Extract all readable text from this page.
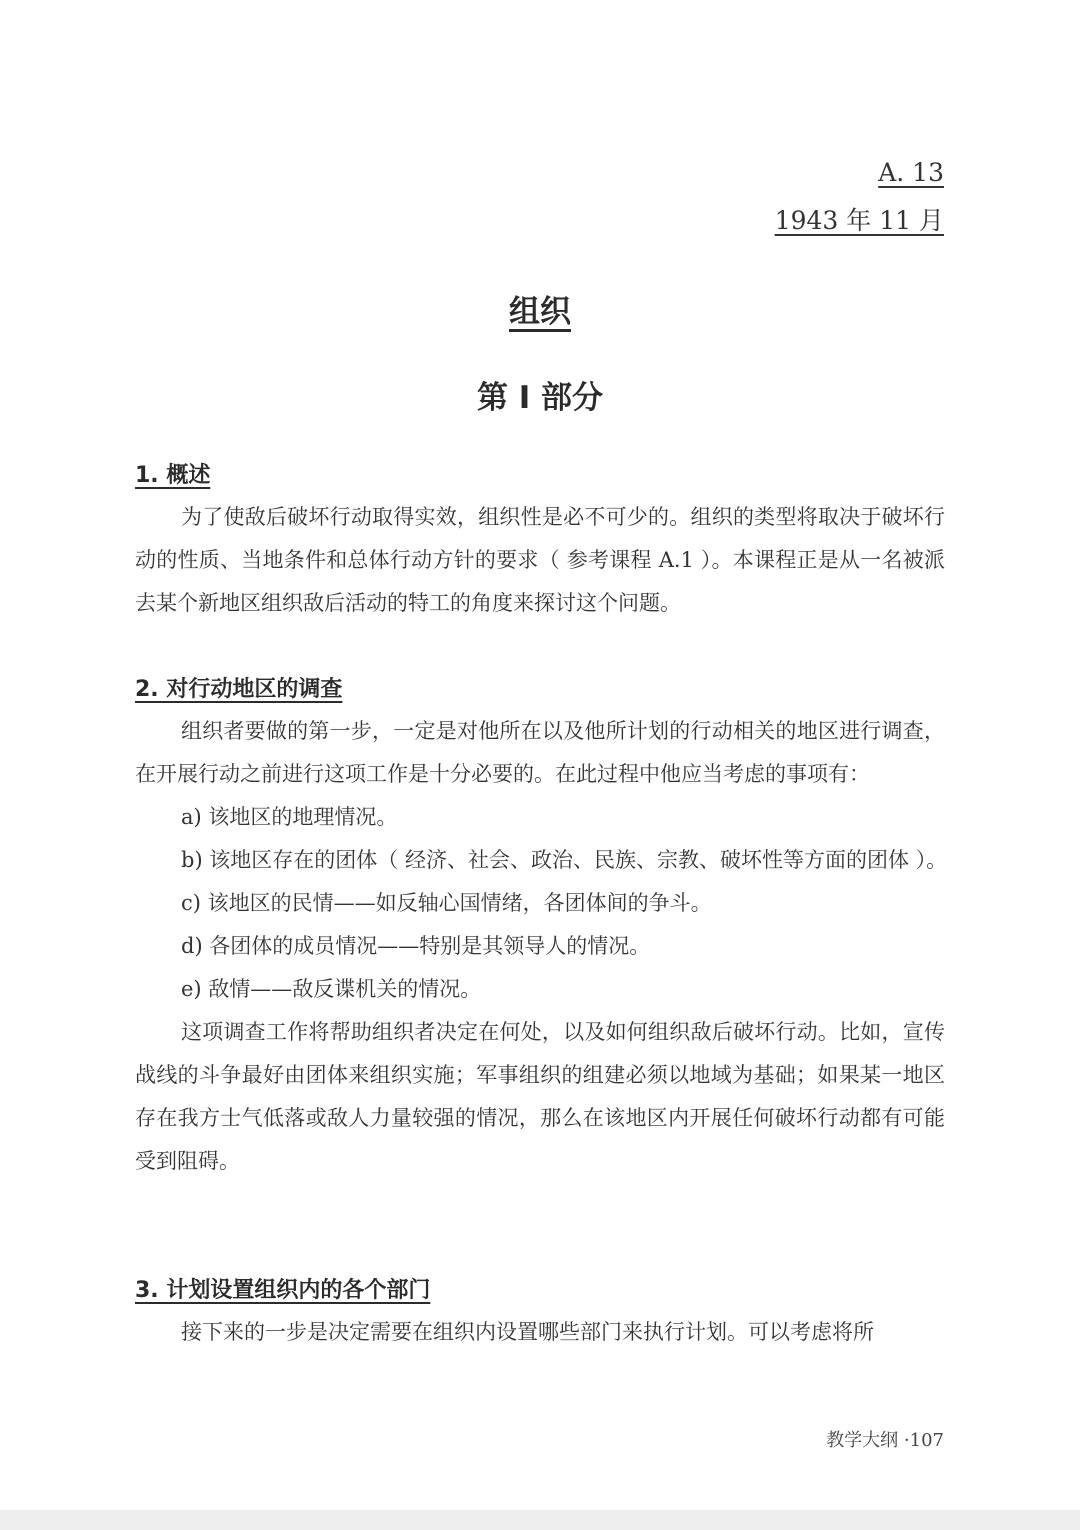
A. 13
1943 年 11 月
组织
第 I 部分
1. 概述

为了使敌后破坏行动取得实效，组织性是必不可少的。组织的类型将取决于破坏行动的性质、当地条件和总体行动方针的要求（ 参考课程 A.1 ）。本课程正是从一名被派去某个新地区组织敌后活动的特工的角度来探讨这个问题。

2. 对行动地区的调查

组织者要做的第一步，一定是对他所在以及他所计划的行动相关的地区进行调查，在开展行动之前进行这项工作是十分必要的。在此过程中他应当考虑的事项有：

a) 该地区的地理情况。

b) 该地区存在的团体（ 经济、社会、政治、民族、宗教、破坏性等方面的团体 ）。

c) 该地区的民情——如反轴心国情绪，各团体间的争斗。

d) 各团体的成员情况——特别是其领导人的情况。

e) 敌情——敌反谍机关的情况。

这项调查工作将帮助组织者决定在何处，以及如何组织敌后破坏行动。比如，宣传战线的斗争最好由团体来组织实施；军事组织的组建必须以地域为基础；如果某一地区存在我方士气低落或敌人力量较强的情况，那么在该地区内开展任何破坏行动都有可能受到阻碍。

3. 计划设置组织内的各个部门

接下来的一步是决定需要在组织内设置哪些部门来执行计划。可以考虑将所

教学大纲 ·107
